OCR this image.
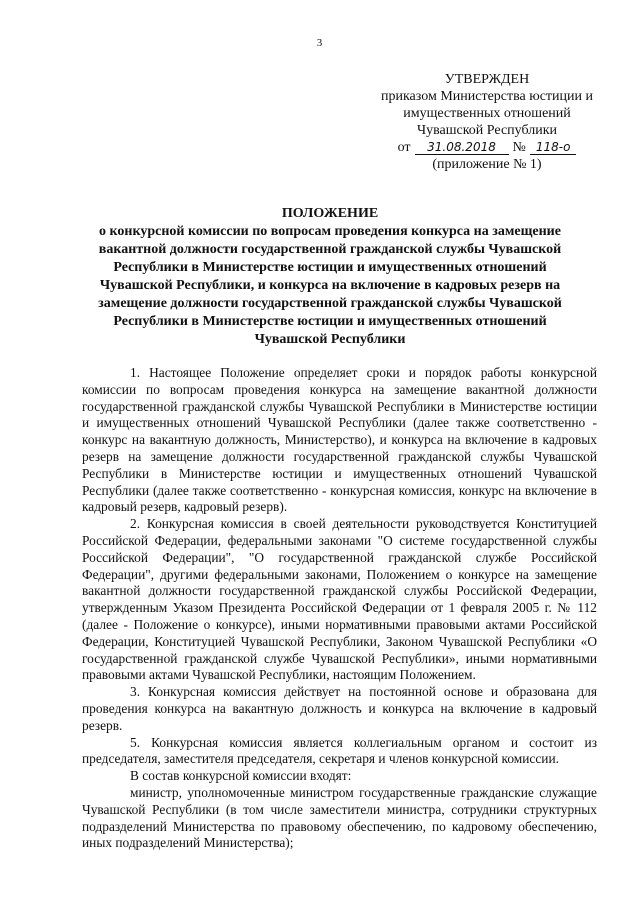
3
УТВЕРЖДЕН
приказом Министерства юстиции и
имущественных отношений
Чувашской Республики
от	31.08.2018	№ 118-о
(приложение № 1)
ПОЛОЖЕНИЕ
о конкурсной комиссии по вопросам проведения конкурса на замещение
вакантной должности государственной гражданской службы Чувашской
Республики в Министерстве юстиции и имущественных отношений
Чувашской Республики, и конкурса на включение в кадровых резерв на
замещение должности государственной гражданской службы Чувашской
Республики в Министерстве юстиции и имущественных отношений
Чувашской Республики

1. Настоящее Положение определяет сроки и порядок работы конкурсной комиссии по вопросам проведения конкурса на замещение вакантной должности государственной гражданской службы Чувашской Республики в Министерстве юстиции и имущественных отношений Чувашской Республики (далее также соответственно - конкурс на вакантную должность, Министерство), и конкурса на включение в кадровых резерв на замещение должности государственной гражданской службы Чувашской Республики в Министерстве юстиции и имущественных отношений Чувашской Республики (далее также соответственно - конкурсная комиссия, конкурс на включение в кадровый резерв, кадровый резерв).

2. Конкурсная комиссия в своей деятельности руководствуется Конституцией Российской Федерации, федеральными законами "О системе государственной службы Российской Федерации", "О государственной гражданской службе Российской Федерации", другими федеральными законами, Положением о конкурсе на замещение вакантной должности государственной гражданской службы Российской Федерации, утвержденным Указом Президента Российской Федерации от 1 февраля 2005 г. № 112 (далее - Положение о конкурсе), иными нормативными правовыми актами Российской Федерации, Конституцией Чувашской Республики, Законом Чувашской Республики «О государственной гражданской службе Чувашской Республики», иными нормативными правовыми актами Чувашской Республики, настоящим Положением.

3. Конкурсная комиссия действует на постоянной основе и образована для проведения конкурса на вакантную должность и конкурса на включение в кадровый резерв.

5. Конкурсная комиссия является коллегиальным органом и состоит из председателя, заместителя председателя, секретаря и членов конкурсной комиссии.

В состав конкурсной комиссии входят:

министр, уполномоченные министром государственные гражданские служащие Чувашской Республики (в том числе заместители министра, сотрудники структурных подразделений Министерства по правовому обеспечению, по кадровому обеспечению, иных подразделений Министерства);
